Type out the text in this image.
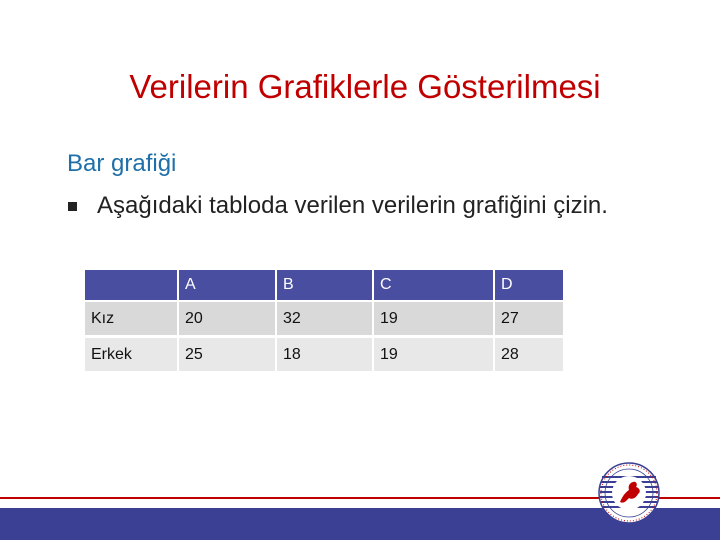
Verilerin Grafiklerle Gösterilmesi
Bar grafiği
Aşağıdaki tabloda verilen verilerin grafiğini çizin.
	A	B	C	D
Kız	20	32	19	27
Erkek	25	18	19	28
